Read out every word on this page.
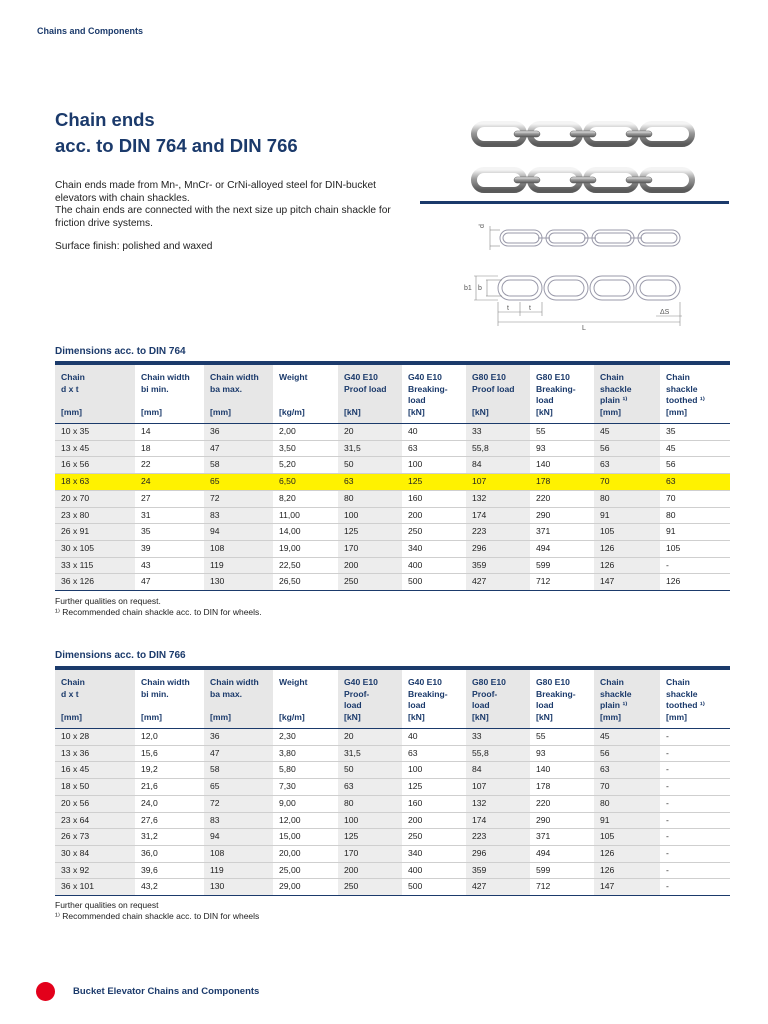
Chains and Components
Chain ends
acc. to DIN 764 and DIN 766

Chain ends made from Mn-, MnCr- or CrNi-alloyed steel for DIN-bucket elevators with chain shackles.

The chain ends are connected with the next size up pitch chain shackle for friction drive systems.

Surface finish: polished and waxed

d
b1 b
t	t
L
ΔS
Dimensions acc. to DIN 764
Chain
d x t

[mm]	Chain width
bi min.

[mm]	Chain width
ba max.

[mm]	Weight

[kg/m]	G40 E10
Proof load

[kN]	G40 E10
Breaking-
load
[kN]	G80 E10
Proof load

[kN]	G80 E10
Breaking-
load
[kN]	Chain
shackle
plain ¹⁾
[mm]	Chain
shackle
toothed ¹⁾
[mm]

10 x 35	14	36	2,00	20	40	33	55	45	35
13 x 45	18	47	3,50	31,5	63	55,8	93	56	45
16 x 56	22	58	5,20	50	100	84	140	63	56
18 x 63	24	65	6,50	63	125	107	178	70	63
20 x 70	27	72	8,20	80	160	132	220	80	70
23 x 80	31	83	11,00	100	200	174	290	91	80
26 x 91	35	94	14,00	125	250	223	371	105	91
30 x 105	39	108	19,00	170	340	296	494	126	105
33 x 115	43	119	22,50	200	400	359	599	126	-
36 x 126	47	130	26,50	250	500	427	712	147	126

Further qualities on request.

¹⁾ Recommended chain shackle acc. to DIN for wheels.

Dimensions acc. to DIN 766
Chain
d x t

[mm]	Chain width
bi min.

[mm]	Chain width
ba max.

[mm]	Weight

[kg/m]	G40 E10
Proof-
load
[kN]	G40 E10
Breaking-
load
[kN]	G80 E10
Proof-
load
[kN]	G80 E10
Breaking-
load
[kN]	Chain
shackle
plain ¹⁾
[mm]	Chain
shackle
toothed ¹⁾
[mm]

10 x 28	12,0	36	2,30	20	40	33	55	45	-
13 x 36	15,6	47	3,80	31,5	63	55,8	93	56	-
16 x 45	19,2	58	5,80	50	100	84	140	63	-
18 x 50	21,6	65	7,30	63	125	107	178	70	-
20 x 56	24,0	72	9,00	80	160	132	220	80	-
23 x 64	27,6	83	12,00	100	200	174	290	91	-
26 x 73	31,2	94	15,00	125	250	223	371	105	-
30 x 84	36,0	108	20,00	170	340	296	494	126	-
33 x 92	39,6	119	25,00	200	400	359	599	126	-
36 x 101	43,2	130	29,00	250	500	427	712	147	-

Further qualities on request

¹⁾ Recommended chain shackle acc. to DIN for wheels

Bucket Elevator Chains and Components
